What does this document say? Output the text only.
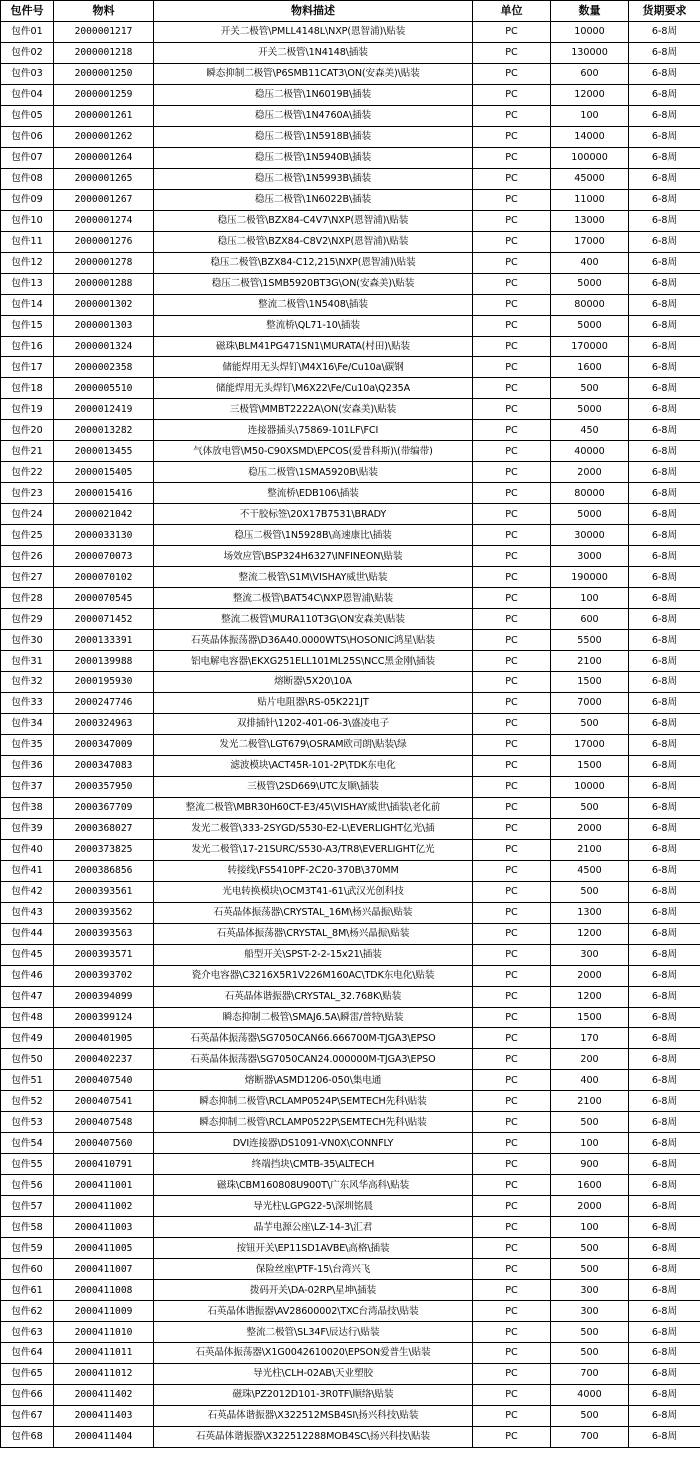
包件号	物料	物料描述	单位	数量	货期要求
包件01	2000001217	开关二极管\PMLL4148L\NXP(恩智浦)\贴装	PC	10000	6-8周
包件02	2000001218	开关二极管\1N4148\插装	PC	130000	6-8周
包件03	2000001250	瞬态抑制二极管\P6SMB11CAT3\ON(安森美)\贴装	PC	600	6-8周
包件04	2000001259	稳压二极管\1N6019B\插装	PC	12000	6-8周
包件05	2000001261	稳压二极管\1N4760A\插装	PC	100	6-8周
包件06	2000001262	稳压二极管\1N5918B\插装	PC	14000	6-8周
包件07	2000001264	稳压二极管\1N5940B\插装	PC	100000	6-8周
包件08	2000001265	稳压二极管\1N5993B\插装	PC	45000	6-8周
包件09	2000001267	稳压二极管\1N6022B\插装	PC	11000	6-8周
包件10	2000001274	稳压二极管\BZX84-C4V7\NXP(恩智浦)\贴装	PC	13000	6-8周
包件11	2000001276	稳压二极管\BZX84-C8V2\NXP(恩智浦)\贴装	PC	17000	6-8周
包件12	2000001278	稳压二极管\BZX84-C12,215\NXP(恩智浦)\贴装	PC	400	6-8周
包件13	2000001288	稳压二极管\1SMB5920BT3G\ON(安森美)\贴装	PC	5000	6-8周
包件14	2000001302	整流二极管\1N5408\插装	PC	80000	6-8周
包件15	2000001303	整流桥\QL71-10\插装	PC	5000	6-8周
包件16	2000001324	磁珠\BLM41PG471SN1\MURATA(村田)\贴装	PC	170000	6-8周
包件17	2000002358	储能焊用无头焊钉\M4X16\Fe/Cu10a\碳钢	PC	1600	6-8周
包件18	2000005510	储能焊用无头焊钉\M6X22\Fe/Cu10a\Q235A	PC	500	6-8周
包件19	2000012419	三极管\MMBT2222A\ON(安森美)\贴装	PC	5000	6-8周
包件20	2000013282	连接器插头\75869-101LF\FCI	PC	450	6-8周
包件21	2000013455	气体放电管\M50-C90XSMD\EPCOS(爱普科斯)\(带编带)	PC	40000	6-8周
包件22	2000015405	稳压二极管\1SMA5920B\贴装	PC	2000	6-8周
包件23	2000015416	整流桥\EDB106\插装	PC	80000	6-8周
包件24	2000021042	不干胶标签\20X17B7531\BRADY	PC	5000	6-8周
包件25	2000033130	稳压二极管\1N5928B\高速康比\插装	PC	30000	6-8周
包件26	2000070073	场效应管\BSP324H6327\INFINEON\贴装	PC	3000	6-8周
包件27	2000070102	整流二极管\S1M\VISHAY威世\贴装	PC	190000	6-8周
包件28	2000070545	整流二极管\BAT54C\NXP恩智浦\贴装	PC	100	6-8周
包件29	2000071452	整流二极管\MURA110T3G\ON安森美\贴装	PC	600	6-8周
包件30	2000133391	石英晶体振荡器\D36A40.0000WTS\HOSONIC鸿星\贴装	PC	5500	6-8周
包件31	2000139988	铝电解电容器\EKXG251ELL101ML25S\NCC黑金刚\插装	PC	2100	6-8周
包件32	2000195930	熔断器\5X20\10A	PC	1500	6-8周
包件33	2000247746	贴片电阻器\RS-05K221JT	PC	7000	6-8周
包件34	2000324963	双排插针\1202-401-06-3\盛凌电子	PC	500	6-8周
包件35	2000347009	发光二极管\LGT679\OSRAM欧司朗\贴装\绿	PC	17000	6-8周
包件36	2000347083	滤波模块\ACT45R-101-2P\TDK东电化	PC	1500	6-8周
包件37	2000357950	三极管\2SD669\UTC友顺\插装	PC	10000	6-8周
包件38	2000367709	整流二极管\MBR30H60CT-E3/45\VISHAY威世\插装\老化前	PC	500	6-8周
包件39	2000368027	发光二极管\333-2SYGD/S530-E2-L\EVERLIGHT亿光\插	PC	2000	6-8周
包件40	2000373825	发光二极管\17-21SURC/S530-A3/TR8\EVERLIGHT亿光	PC	2100	6-8周
包件41	2000386856	转接线\FS5410PF-2C20-370B\370MM	PC	4500	6-8周
包件42	2000393561	光电转换模块\OCM3T41-61\武汉光创科技	PC	500	6-8周
包件43	2000393562	石英晶体振荡器\CRYSTAL_16M\杨兴晶振\贴装	PC	1300	6-8周
包件44	2000393563	石英晶体振荡器\CRYSTAL_8M\杨兴晶振\贴装	PC	1200	6-8周
包件45	2000393571	船型开关\SPST-2-2-15x21\插装	PC	300	6-8周
包件46	2000393702	瓷介电容器\C3216X5R1V226M160AC\TDK东电化\贴装	PC	2000	6-8周
包件47	2000394099	石英晶体谐振器\CRYSTAL_32.768K\贴装	PC	1200	6-8周
包件48	2000399124	瞬态抑制二极管\SMAJ6.5A\瞬雷/普特\贴装	PC	1500	6-8周
包件49	2000401905	石英晶体振荡器\SG7050CAN66.666700M-TJGA3\EPSO	PC	170	6-8周
包件50	2000402237	石英晶体振荡器\SG7050CAN24.000000M-TJGA3\EPSO	PC	200	6-8周
包件51	2000407540	熔断器\ASMD1206-050\集电通	PC	400	6-8周
包件52	2000407541	瞬态抑制二极管\RCLAMP0524P\SEMTECH先科\贴装	PC	2100	6-8周
包件53	2000407548	瞬态抑制二极管\RCLAMP0522P\SEMTECH先科\贴装	PC	500	6-8周
包件54	2000407560	DVI连接器\DS1091-VN0X\CONNFLY	PC	100	6-8周
包件55	2000410791	终端挡块\CMTB-35\ALTECH	PC	900	6-8周
包件56	2000411001	磁珠\CBM160808U900T\广东风华高科\贴装	PC	1600	6-8周
包件57	2000411002	导光柱\LGPG22-5\深圳铭晨	PC	2000	6-8周
包件58	2000411003	晶芋电源公座\LZ-14-3\汇君	PC	100	6-8周
包件59	2000411005	按钮开关\EP11SD1AVBE\高格\插装	PC	500	6-8周
包件60	2000411007	保险丝座\PTF-15\台湾兴飞	PC	500	6-8周
包件61	2000411008	拨码开关\DA-02RP\星坤\插装	PC	300	6-8周
包件62	2000411009	石英晶体谐振器\AV28600002\TXC台湾晶技\贴装	PC	300	6-8周
包件63	2000411010	整流二极管\SL34F\辰达行\贴装	PC	500	6-8周
包件64	2000411011	石英晶体振荡器\X1G0042610020\EPSON爱普生\贴装	PC	500	6-8周
包件65	2000411012	导光柱\CLH-02AB\天业塑胶	PC	700	6-8周
包件66	2000411402	磁珠\PZ2012D101-3R0TF\顺络\贴装	PC	4000	6-8周
包件67	2000411403	石英晶体谐振器\X322512MSB4SI\扬兴科技\贴装	PC	500	6-8周
包件68	2000411404	石英晶体谐振器\X322512288MOB4SC\扬兴科技\贴装	PC	700	6-8周
